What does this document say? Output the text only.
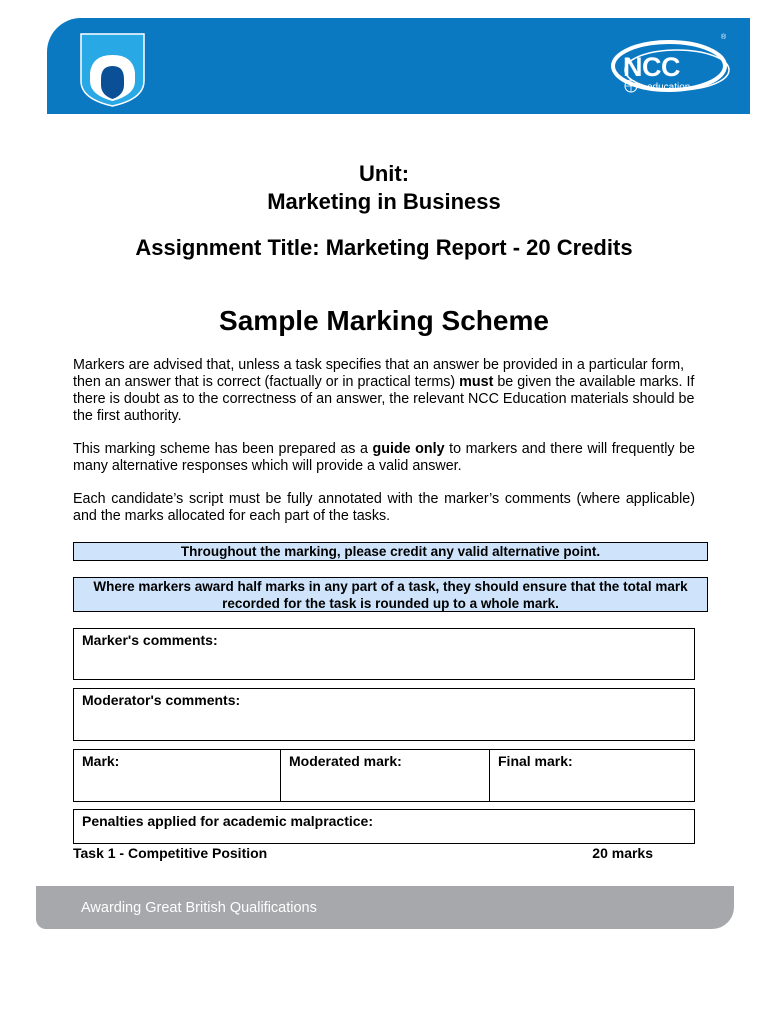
NCC
education
®
Unit:
Marketing in Business
Assignment Title: Marketing Report - 20 Credits
Sample Marking Scheme
Markers are advised that, unless a task specifies that an answer be provided in a particular form, then an answer that is correct (factually or in practical terms) must be given the available marks. If there is doubt as to the correctness of an answer, the relevant NCC Education materials should be the first authority.
This marking scheme has been prepared as a guide only to markers and there will frequently be many alternative responses which will provide a valid answer.
Each candidate’s script must be fully annotated with the marker’s comments (where applicable) and the marks allocated for each part of the tasks.
Throughout the marking, please credit any valid alternative point.
Where markers award half marks in any part of a task, they should ensure that the total mark recorded for the task is rounded up to a whole mark.
Marker's comments:
Moderator's comments:
Mark:	Moderated mark:	Final mark:
Penalties applied for academic malpractice:
Task 1 - Competitive Position	20 marks
Awarding Great British Qualifications
